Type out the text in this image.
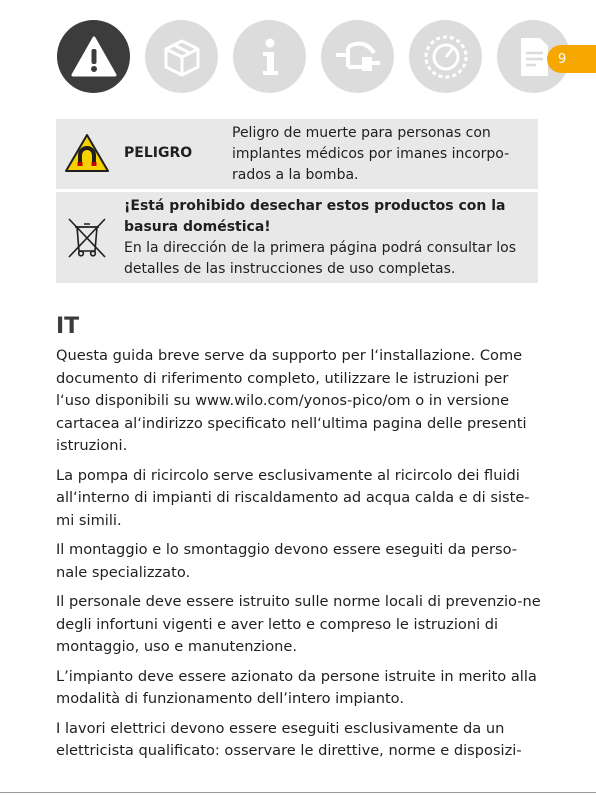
9
PELIGRO
Peligro de muerte para personas con implantes médicos por imanes incorpo-rados a la bomba.
¡Está prohibido desechar estos productos con la basura doméstica!
En la dirección de la primera página podrá consultar los detalles de las instrucciones de uso completas.
IT

Questa guida breve serve da supporto per l‘installazione. Come documento di riferimento completo, utilizzare le istruzioni per l‘uso disponibili su www.wilo.com/yonos-pico/om o in versione cartacea al‘indirizzo specificato nell‘ultima pagina delle presenti istruzioni.

La pompa di ricircolo serve esclusivamente al ricircolo dei fluidi all‘interno di impianti di riscaldamento ad acqua calda e di siste-mi simili.

Il montaggio e lo smontaggio devono essere eseguiti da perso-nale specializzato.

Il personale deve essere istruito sulle norme locali di prevenzio-ne degli infortuni vigenti e aver letto e compreso le istruzioni di montaggio, uso e manutenzione.

L’impianto deve essere azionato da persone istruite in merito alla modalità di funzionamento dell’intero impianto.

I lavori elettrici devono essere eseguiti esclusivamente da un elettricista qualificato: osservare le direttive, norme e disposizi-
